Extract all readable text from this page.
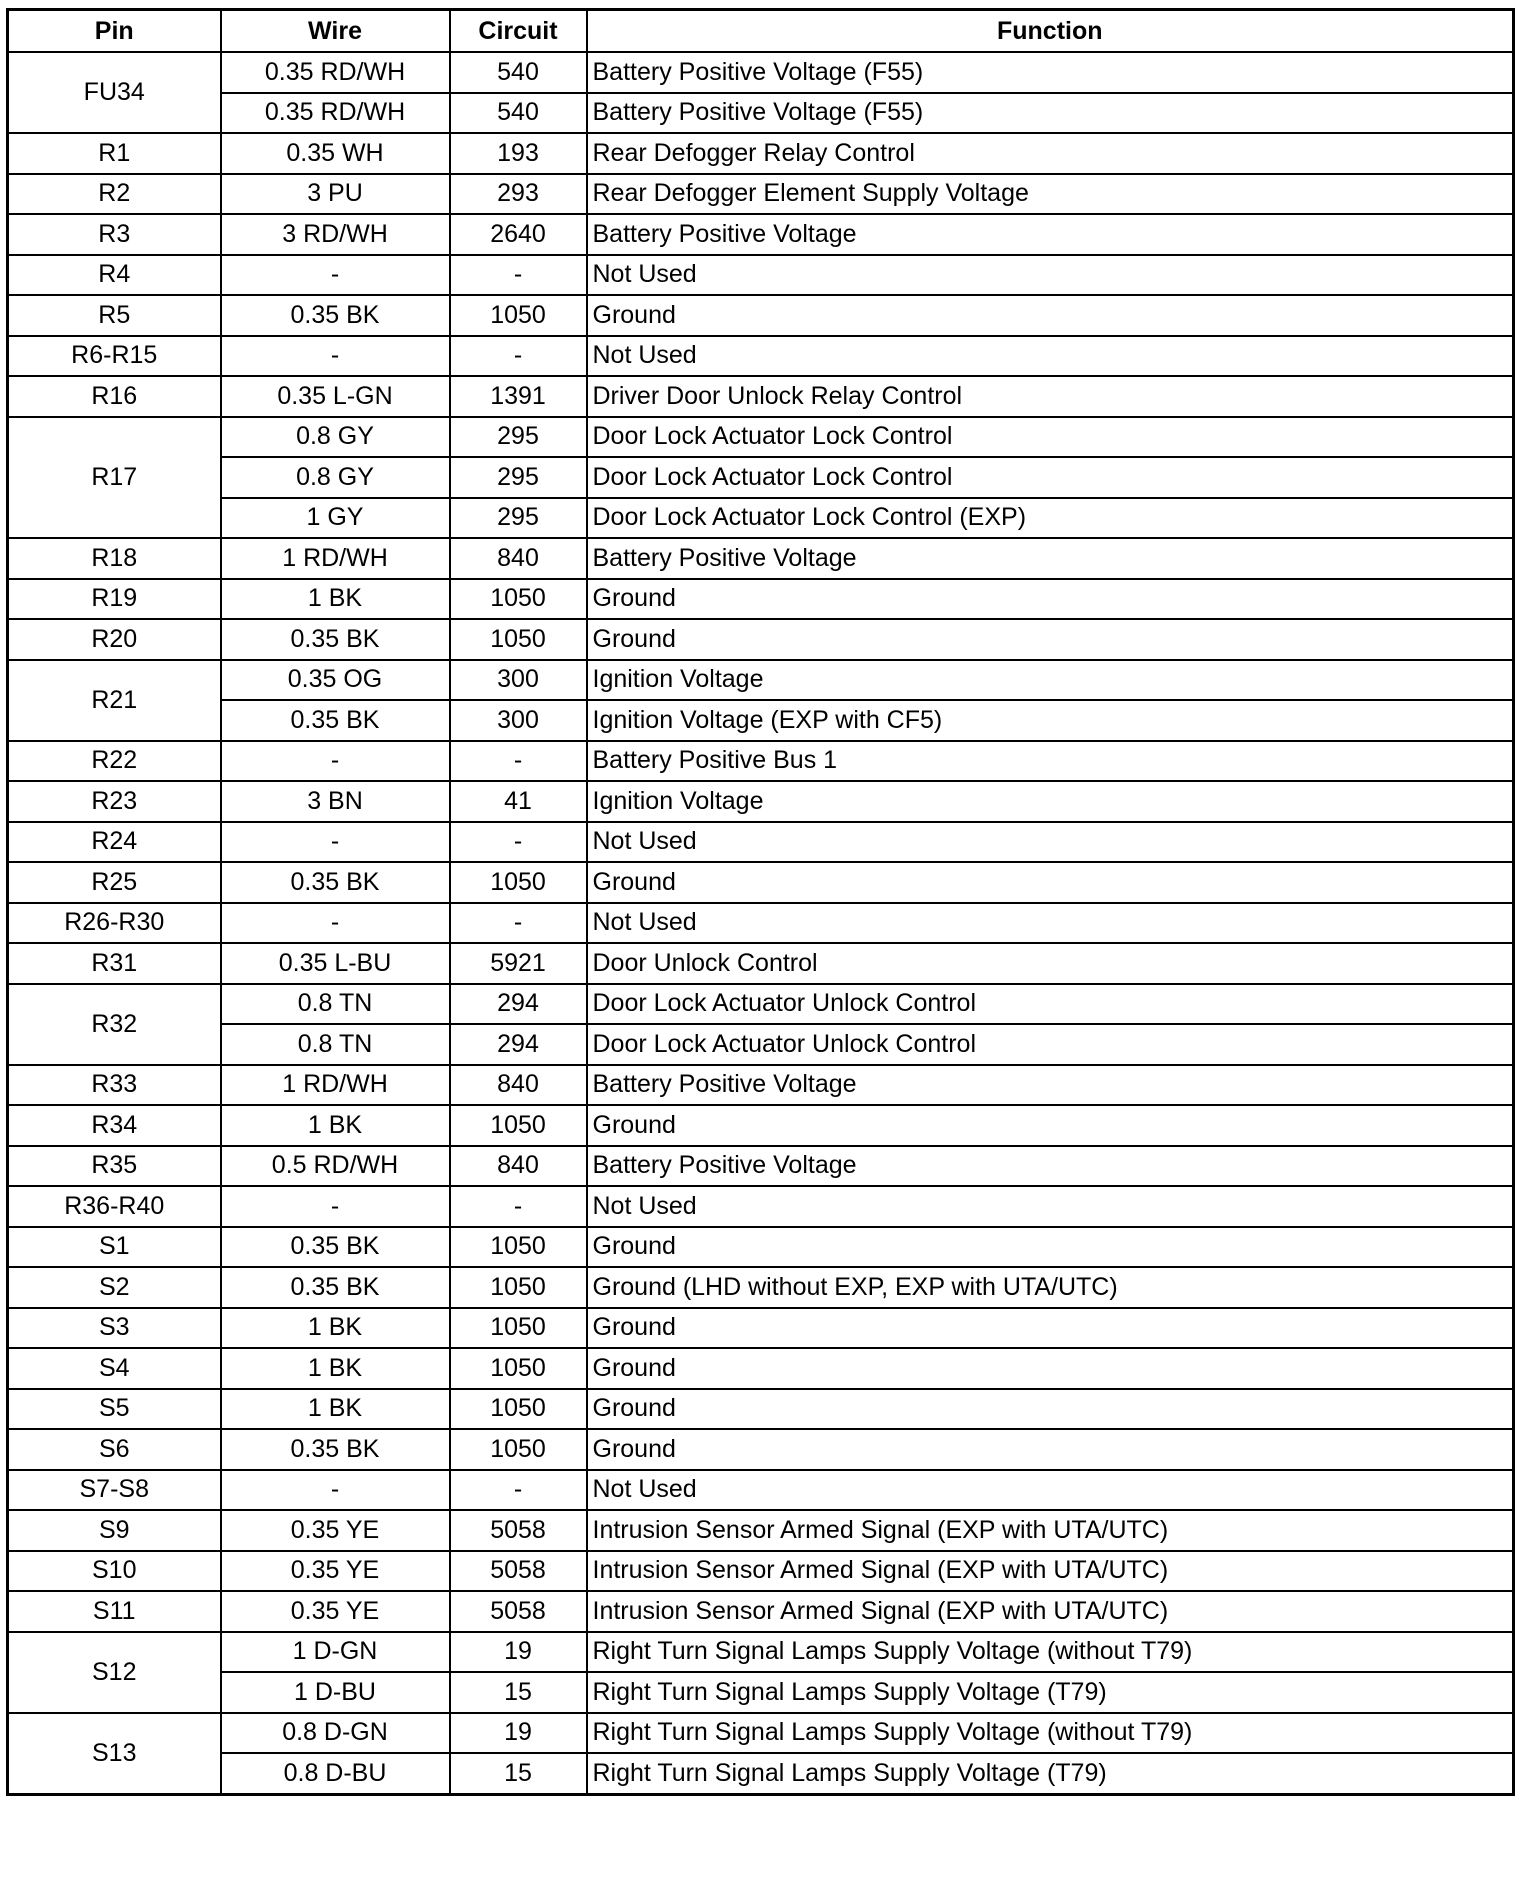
Pin	Wire	Circuit	Function
FU34	0.35 RD/WH	540	Battery Positive Voltage (F55)
	0.35 RD/WH	540	Battery Positive Voltage (F55)
R1	0.35 WH	193	Rear Defogger Relay Control
R2	3 PU	293	Rear Defogger Element Supply Voltage
R3	3 RD/WH	2640	Battery Positive Voltage
R4	-	-	Not Used
R5	0.35 BK	1050	Ground
R6-R15	-	-	Not Used
R16	0.35 L-GN	1391	Driver Door Unlock Relay Control
R17	0.8 GY	295	Door Lock Actuator Lock Control
	0.8 GY	295	Door Lock Actuator Lock Control
	1 GY	295	Door Lock Actuator Lock Control (EXP)
R18	1 RD/WH	840	Battery Positive Voltage
R19	1 BK	1050	Ground
R20	0.35 BK	1050	Ground
R21	0.35 OG	300	Ignition Voltage
	0.35 BK	300	Ignition Voltage (EXP with CF5)
R22	-	-	Battery Positive Bus 1
R23	3 BN	41	Ignition Voltage
R24	-	-	Not Used
R25	0.35 BK	1050	Ground
R26-R30	-	-	Not Used
R31	0.35 L-BU	5921	Door Unlock Control
R32	0.8 TN	294	Door Lock Actuator Unlock Control
	0.8 TN	294	Door Lock Actuator Unlock Control
R33	1 RD/WH	840	Battery Positive Voltage
R34	1 BK	1050	Ground
R35	0.5 RD/WH	840	Battery Positive Voltage
R36-R40	-	-	Not Used
S1	0.35 BK	1050	Ground
S2	0.35 BK	1050	Ground (LHD without EXP, EXP with UTA/UTC)
S3	1 BK	1050	Ground
S4	1 BK	1050	Ground
S5	1 BK	1050	Ground
S6	0.35 BK	1050	Ground
S7-S8	-	-	Not Used
S9	0.35 YE	5058	Intrusion Sensor Armed Signal (EXP with UTA/UTC)
S10	0.35 YE	5058	Intrusion Sensor Armed Signal (EXP with UTA/UTC)
S11	0.35 YE	5058	Intrusion Sensor Armed Signal (EXP with UTA/UTC)
S12	1 D-GN	19	Right Turn Signal Lamps Supply Voltage (without T79)
	1 D-BU	15	Right Turn Signal Lamps Supply Voltage (T79)
S13	0.8 D-GN	19	Right Turn Signal Lamps Supply Voltage (without T79)
	0.8 D-BU	15	Right Turn Signal Lamps Supply Voltage (T79)
